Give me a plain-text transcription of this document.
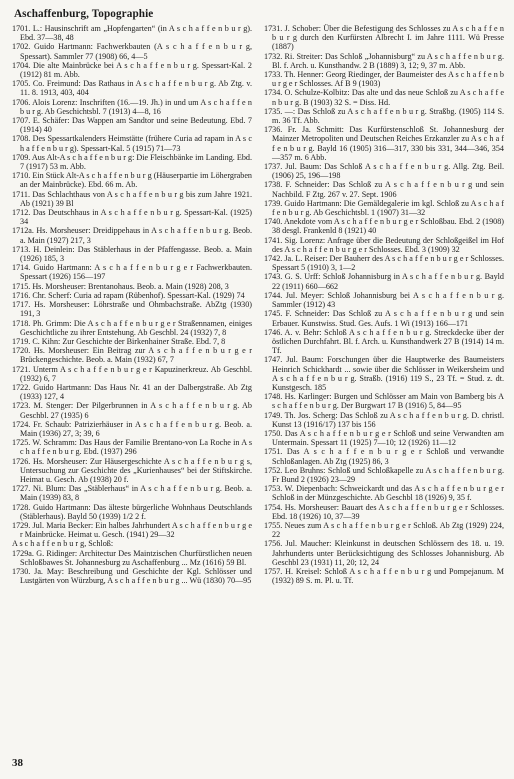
Aschaffenburg, Topographie

1701. L.: Hausinschrift am „Hopfengarten“ (in A s c h a f f e n b u r g). Ebd. 37—38, 48

1702. Guido Hartmann: Fachwerkbauten (A s c h a f f e n b u r g, Spessart). Sammler 77 (1908) 66, 4—5

1704. Die alte Mainbrücke bei A s c h a f f e n b u r g. Spessart-Kal. 2 (1912) 81 m. Abb.

1705. Co. Freimund: Das Rathaus in A s c h a f f e n b u r g. Ab Ztg. v. 11. 8. 1913, 403, 404

1706. Alois Lorenz: Inschriften (16.—19. Jh.) in und um A s c h a f f e n b u r g. Ab Geschichtsbl. 7 (1913) 4—8, 16

1707. E. Schäfer: Das Wappen am Sandtor und seine Bedeutung. Ebd. 7 (1914) 40

1708. Des Spessartkalenders Heimstätte (frühere Curia ad rapam in A s c h a f f e n b u r g). Spessart-Kal. 5 (1915) 71—73

1709. Aus Alt-A s c h a f f e n b u r g: Die Fleischbänke im Landing. Ebd. 7 (1917) 53 m. Abb.

1710. Ein Stück Alt-A s c h a f f e n b u r g (Häuserpartie im Löhergraben an der Mainbrücke). Ebd. 66 m. Ab.

1711. Das Schlachthaus von A s c h a f f e n b u r g bis zum Jahre 1921. Ab (1921) 39 Bl

1712. Das Deutschhaus in A s c h a f f e n b u r g. Spessart-Kal. (1925) 34

1712a. Hs. Morsheuser: Dreidippehaus in A s c h a f f e n b u r g. Beob. a. Main (1927) 217, 3

1713. H. Deinlein: Das Stäblerhaus in der Pfaffengasse. Beob. a. Main (1926) 185, 3

1714. Guido Hartmann: A s c h a f f e n b u r g e r Fachwerkbauten. Spessart (1926) 156—197

1715. Hs. Morsheuser: Brentanohaus. Beob. a. Main (1928) 208, 3

1716. Chr. Scherf: Curia ad rapam (Rübenhof). Spessart-Kal. (1929) 74

1717. Hs. Morsheuser: Löhrstraße und Ohmbachstraße. AbZtg (1930) 191, 3

1718. Ph. Grimm: Die A s c h a f f e n b u r g e r Straßennamen, einiges Geschichtliche zu ihrer Entstehung. Ab Geschbl. 24 (1932) 7, 8

1719. C. Kihn: Zur Geschichte der Birkenhainer Straße. Ebd. 7, 8

1720. Hs. Morsheuser: Ein Beitrag zur A s c h a f f e n b u r g e r Brückengeschichte. Beob. a. Main (1932) 67, 7

1721. Unterm A s c h a f f e n b u r g e r Kapuzinerkreuz. Ab Geschbl. (1932) 6, 7

1722. Guido Hartmann: Das Haus Nr. 41 an der Dalbergstraße. Ab Ztg (1933) 127, 4

1723. M. Stenger: Der Pilgerbrunnen in A s c h a f f e n b u r g. Ab Geschbl. 27 (1935) 6

1724. Fr. Schaub: Patrizierhäuser in A s c h a f f e n b u r g. Beob. a. Main (1936) 27, 3; 39, 6

1725. W. Schramm: Das Haus der Familie Brentano-von La Roche in A s c h a f f e n b u r g. Ebd. (1937) 296

1726. Hs. Morsheuser: Zur Häusergeschichte A s c h a f f e n b u r g s, Untersuchung zur Geschichte des „Kurienhauses“ bei der Stiftskirche. Heimat u. Gesch. Ab (1938) 20 f.

1727. Ni. Blum: Das „Stäblerhaus“ in A s c h a f f e n b u r g. Beob. a. Main (1939) 83, 8

1728. Guido Hartmann: Das älteste bürgerliche Wohnhaus Deutschlands (Stäblerhaus). Bayld 50 (1939) 1/2 2 f.

1729. Jul. Maria Becker: Ein halbes Jahrhundert A s c h a f f e n b u r g e r Mainbrücke. Heimat u. Gesch. (1941) 29—32

A s c h a f f e n b u r g, Schloß:

1729a. G. Ridinger: Architectur Des Maintzischen Churfürstlichen neuen Schloßbawes St. Johannesburg zu Aschaffenburg ... Mz (1616) 59 Bl.

1730. Ja. May: Beschreibung und Geschichte der Kgl. Schlösser und Lustgärten von Würzburg, A s c h a f f e n b u r g ... Wü (1830) 70—95

1731. J. Schober: Über die Befestigung des Schlosses zu A s c h a f f e n b u r g durch den Kurfürsten Albrecht I. im Jahre 1111. Wü Presse (1887)

1732. Ri. Streiter: Das Schloß „Johannisburg“ zu A s c h a f f e n b u r g. Bl. f. Arch. u. Kunsthandw. 2 B (1889) 3, 12; 9, 37 m. Abb.

1733. Th. Henner: Georg Riedinger, der Baumeister des A s c h a f f e n b u r g e r Schlosses. Af B 9 (1903)

1734. O. Schulze-Kolbitz: Das alte und das neue Schloß zu A s c h a f f e n b u r g. B (1903) 32 S. = Diss. Hd.

1735. —: Das Schloß zu A s c h a f f e n b u r g. Straßbg. (1905) 114 S. m. 36 Tf. Abb.

1736. Fr. Ja. Schmitt: Das Kurfürstenschloß St. Johannesburg der Mainzer Metropoliten und Deutschen Reiches Erzkanzler zu A s c h a f f e n b u r g. Bayld 16 (1905) 316—317, 330 bis 331, 344—346, 354—357 m. 6 Abb.

1737. Jul. Baum: Das Schloß A s c h a f f e n b u r g. Allg. Ztg. Beil. (1906) 25, 196—198

1738. F. Schneider: Das Schloß zu A s c h a f f e n b u r g und sein Nachbild. F Ztg. 267 v. 27. Sept. 1906

1739. Guido Hartmann: Die Gemäldegalerie im kgl. Schloß zu A s c h a f f e n b u r g. Ab Geschichtsbl. 1 (1907) 31—32

1740. Anekdote vom A s c h a f f e n b u r g e r Schloßbau. Ebd. 2 (1908) 38 desgl. Frankenld 8 (1921) 40

1741. Sig. Lorenz: Anfrage über die Bedeutung der Schloßgeißel im Hof des A s c h a f f e n b u r g e r Schlosses. Ebd. 3 (1909) 32

1742. Ja. L. Reiser: Der Bauherr des A s c h a f f e n b u r g e r Schlosses. Spessart 5 (1910) 3, 1—2

1743. G. S. Urff: Schloß Johannisburg in A s c h a f f e n b u r g. Bayld 22 (1911) 660—662

1744. Jul. Meyer: Schloß Johannisburg bei A s c h a f f e n b u r g. Sammler (1912) 43

1745. F. Schneider: Das Schloß zu A s c h a f f e n b u r g und sein Erbauer. Kunstwiss. Stud. Ges. Aufs. 1 Wi (1913) 166—171

1746. A. v. Behr: Schloß A s c h a f f e n b u r g. Streckdecke über der östlichen Durchfahrt. Bl. f. Arch. u. Kunsthandwerk 27 B (1914) 14 m. Tf.

1747. Jul. Baum: Forschungen über die Hauptwerke des Baumeisters Heinrich Schickhardt ... sowie über die Schlösser in Weikersheim und A s c h a f f e n b u r g. Straßb. (1916) 119 S., 23 Tf. = Stud. z. dt. Kunstgesch. 185

1748. Hs. Karlinger: Burgen und Schlösser am Main von Bamberg bis A s c h a f f e n b u r g. Der Burgwart 17 B (1916) 5, 84—95

1749. Th. Jos. Scherg: Das Schloß zu A s c h a f f e n b u r g. D. christl. Kunst 13 (1916/17) 137 bis 156

1750. Das A s c h a f f e n b u r g e r Schloß und seine Verwandten am Untermain. Spessart 11 (1925) 7—10; 12 (1926) 11—12

1751. Das A s c h a f f e n b u r g e r Schloß und verwandte Schloßanlagen. Ab Ztg (1925) 86, 3

1752. Leo Bruhns: Schloß und Schloßkapelle zu A s c h a f f e n b u r g. Fr Bund 2 (1926) 23—29

1753. W. Diepenbach: Schweickardt und das A s c h a f f e n b u r g e r Schloß in der Münzgeschichte. Ab Geschbl 18 (1926) 9, 35 f.

1754. Hs. Morsheuser: Bauart des A s c h a f f e n b u r g e r Schlosses. Ebd. 18 (1926) 10, 37—39

1755. Neues zum A s c h a f f e n b u r g e r Schloß. Ab Ztg (1929) 224, 22

1756. Jul. Maucher: Kleinkunst in deutschen Schlössern des 18. u. 19. Jahrhunderts unter Berücksichtigung des Schlosses Johannisburg. Ab Geschbl 23 (1931) 11, 20; 12, 24

1757. H. Kreisel: Schloß A s c h a f f e n b u r g und Pompejanum. M (1932) 89 S. m. Pl. u. Tf.

38
